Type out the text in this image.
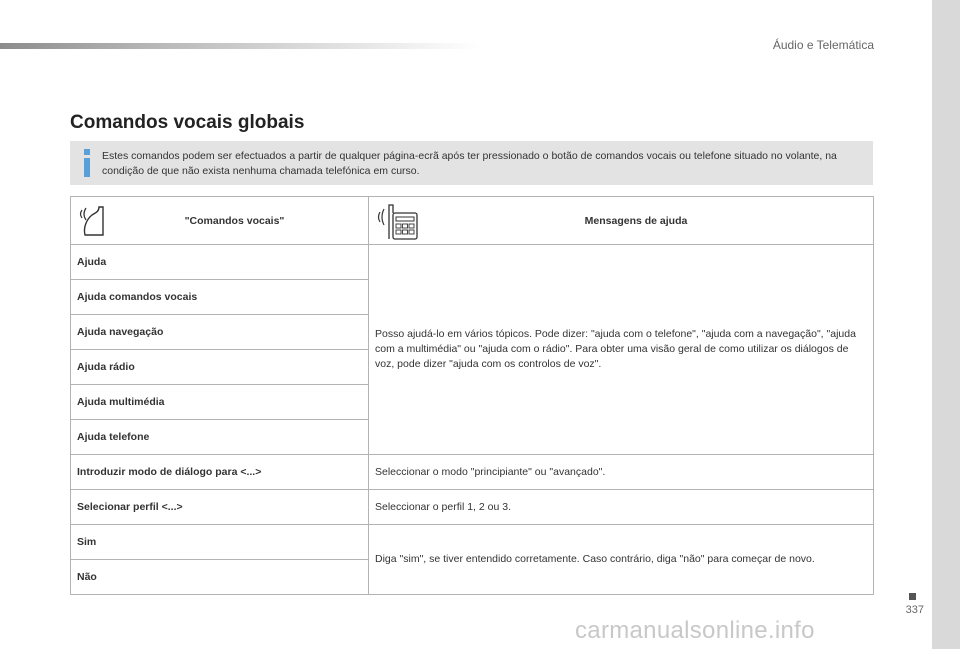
Áudio e Telemática
Comandos vocais globais
Estes comandos podem ser efectuados a partir de qualquer página-ecrã após ter pressionado o botão de comandos vocais ou telefone situado no volante, na condição de que não exista nenhuma chamada telefónica em curso.
"Comandos vocais"	Mensagens de ajuda

Ajuda	Posso ajudá-lo em vários tópicos. Pode dizer: "ajuda com o telefone", "ajuda com a navegação", "ajuda com a multimédia" ou "ajuda com o rádio". Para obter uma visão geral de como utilizar os diálogos de voz, pode dizer "ajuda com os controlos de voz".
Ajuda comandos vocais	
Ajuda navegação	
Ajuda rádio	
Ajuda multimédia	
Ajuda telefone	
Introduzir modo de diálogo para <...>	Seleccionar o modo "principiante" ou "avançado".
Selecionar perfil <...>	Seleccionar o perfil 1, 2 ou 3.
Sim	Diga "sim", se tiver entendido corretamente. Caso contrário, diga "não" para começar de novo.
Não	
337
carmanualsonline.info
